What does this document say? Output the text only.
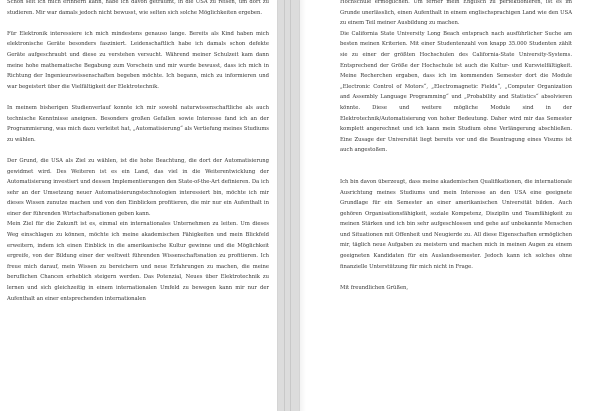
Schon seit ich mich erinnern kann, habe ich davon geträumt, in die USA zu reisen, um dort zu studieren. Mir war damals jedoch nicht bewusst, wie selten sich solche Möglichkeiten ergeben.

Für Elektronik interessiere ich mich mindestens genauso lange. Bereits als Kind haben mich elektronische Geräte besonders fasziniert. Leidenschaftlich habe ich damals schon defekte Geräte aufgeschraubt und diese zu verstehen versucht. Während meiner Schulzeit kam dann meine hohe mathematische Begabung zum Vorschein und mir wurde bewusst, dass ich mich in Richtung der Ingenieurswissenschaften begeben möchte. Ich begann, mich zu informieren und war begeistert über die Vielfältigkeit der Elektrotechnik.

In meinem bisherigen Studienverlauf konnte ich mir sowohl naturwissenschaftliche als auch technische Kenntnisse aneignen. Besonders großen Gefallen sowie Interesse fand ich an der Programmierung, was mich dazu verleitet hat, „Automatisierung“ als Vertiefung meines Studiums zu wählen.

Der Grund, die USA als Ziel zu wählen, ist die hohe Beachtung, die dort der Automatisierung gewidmet wird. Des Weiteren ist es ein Land, das viel in die Weiterentwicklung der Automatisierung investiert und dessen Implementierungen den State-of-the-Art definieren. Da ich sehr an der Umsetzung neuer Automatisierungstechnologien interessiert bin, möchte ich mir dieses Wissen zunutze machen und von den Einblicken profitieren, die mir nur ein Aufenthalt in einer der führenden Wirtschaftsnationen geben kann.

Mein Ziel für die Zukunft ist es, einmal ein internationales Unternehmen zu leiten. Um dieses Weg einschlagen zu können, möchte ich meine akademischen Fähigkeiten und mein Blickfeld erweitern, indem ich einen Einblick in die amerikanische Kultur gewinne und die Möglichkeit ergreife, von der Bildung einer der weltweit führenden Wissenschaftsnation zu profitieren. Ich freue mich darauf, mein Wissen zu bereichern und neue Erfahrungen zu machen, die meine beruflichen Chancen erheblich steigern werden. Das Potenzial, Neues über Elektrotechnik zu lernen und sich gleichzeitig in einem internationalen Umfeld zu bewegen kann mir nur der Aufenthalt an einer entsprechenden internationalen

Hochschule ermöglichen. Um ferner mein Englisch zu perfektionieren, ist es im Grunde unerlässlich, einen Aufenthalt in einem englischsprachigen Land wie den USA zu einem Teil meiner Ausbildung zu machen.

Die California State University Long Beach entsprach nach ausführlicher Suche am besten meinen Kriterien. Mit einer Studentenzahl von knapp 35.000 Studenten zählt sie zu einer der größten Hochschulen des California-State University-Systems. Entsprechend der Größe der Hochschule ist auch die Kultur- und Kursvielfältigkeit. Meine Recherchen ergaben, dass ich im kommenden Semester dort die Module „Electronic Control of Motors“, „Electromagnetic Fields“, „Computer Organization and Assembly Language Programming“ und „Probability and Statistics“ absolvieren könnte. Diese und weitere mögliche Module sind in der Elektrotechnik/Automatisierung von hoher Bedeutung. Daher wird mir das Semester komplett angerechnet und ich kann mein Studium ohne Verlängerung abschließen. Eine Zusage der Universität liegt bereits vor und die Beantragung eines Visums ist auch angestoßen.

Ich bin davon überzeugt, dass meine akademischen Qualifikationen, die internationale Ausrichtung meines Studiums und mein Interesse an den USA eine geeignete Grundlage für ein Semester an einer amerikanischen Universität bilden. Auch gehören Organisationsfähigkeit, soziale Kompetenz, Disziplin und Teamfähigkeit zu meinen Stärken und ich bin sehr aufgeschlossen und gehe auf unbekannte Menschen und Situationen mit Offenheit und Neugierde zu. All diese Eigenschaften ermöglichen mir, täglich neue Aufgaben zu meistern und machen mich in meinen Augen zu einem geeigneten Kandidaten für ein Auslandssemester. Jedoch kann ich solches ohne finanzielle Unterstützung für mich nicht in Frage.

Mit freundlichen Grüßen,
